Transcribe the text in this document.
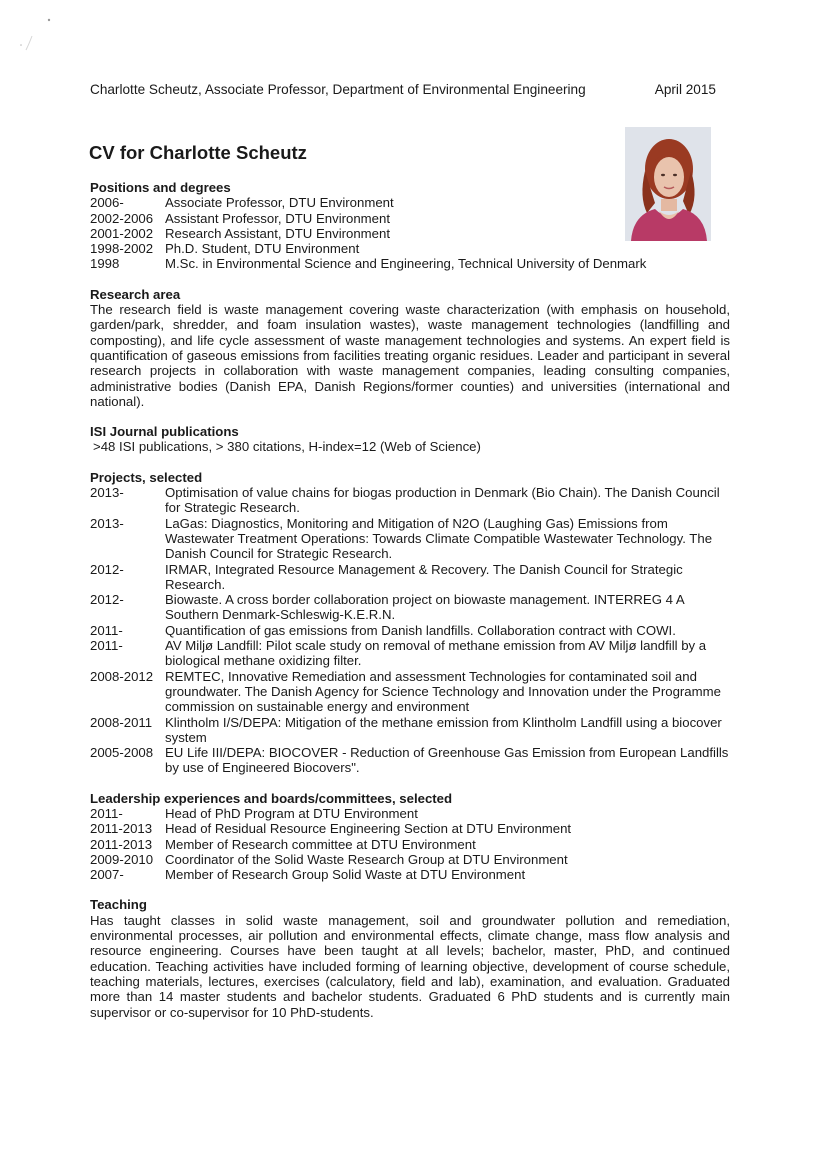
Charlotte Scheutz, Associate Professor, Department of Environmental Engineering	April 2015
CV for Charlotte Scheutz
Positions and degrees
2006-	Associate Professor, DTU Environment
2002-2006 Assistant Professor, DTU Environment
2001-2002 Research Assistant, DTU Environment
1998-2002 Ph.D. Student, DTU Environment
1998	M.Sc. in Environmental Science and Engineering, Technical University of Denmark
Research area

The research field is waste management covering waste characterization (with emphasis on household, garden/park, shredder, and foam insulation wastes), waste management technologies (landfilling and composting), and life cycle assessment of waste management technologies and systems. An expert field is quantification of gaseous emissions from facilities treating organic residues. Leader and participant in several research projects in collaboration with waste management companies, leading consulting companies, administrative bodies (Danish EPA, Danish Regions/former counties) and universities (international and national).

ISI Journal publications

>48 ISI publications, > 380 citations, H-index=12 (Web of Science)

Projects, selected
2013-	Optimisation of value chains for biogas production in Denmark (Bio Chain). The Danish Council for Strategic Research.
2013-	LaGas: Diagnostics, Monitoring and Mitigation of N2O (Laughing Gas) Emissions from Wastewater Treatment Operations: Towards Climate Compatible Wastewater Technology. The Danish Council for Strategic Research.
2012-	IRMAR, Integrated Resource Management & Recovery. The Danish Council for Strategic Research.
2012-	Biowaste. A cross border collaboration project on biowaste management. INTERREG 4 A Southern Denmark-Schleswig-K.E.R.N.
2011-	Quantification of gas emissions from Danish landfills. Collaboration contract with COWI.
2011-	AV Miljø Landfill: Pilot scale study on removal of methane emission from AV Miljø landfill by a biological methane oxidizing filter.
2008-2012 REMTEC, Innovative Remediation and assessment Technologies for contaminated soil and groundwater. The Danish Agency for Science Technology and Innovation under the Programme commission on sustainable energy and environment
2008-2011 Klintholm I/S/DEPA: Mitigation of the methane emission from Klintholm Landfill using a biocover system
2005-2008 EU Life III/DEPA: BIOCOVER - Reduction of Greenhouse Gas Emission from European Landfills by use of Engineered Biocovers".
Leadership experiences and boards/committees, selected
2011-	Head of PhD Program at DTU Environment
2011-2013 Head of Residual Resource Engineering Section at DTU Environment
2011-2013 Member of Research committee at DTU Environment
2009-2010 Coordinator of the Solid Waste Research Group at DTU Environment
2007-	Member of Research Group Solid Waste at DTU Environment
Teaching

Has taught classes in solid waste management, soil and groundwater pollution and remediation, environmental processes, air pollution and environmental effects, climate change, mass flow analysis and resource engineering. Courses have been taught at all levels; bachelor, master, PhD, and continued education. Teaching activities have included forming of learning objective, development of course schedule, teaching materials, lectures, exercises (calculatory, field and lab), examination, and evaluation. Graduated more than 14 master students and bachelor students. Graduated 6 PhD students and is currently main supervisor or co-supervisor for 10 PhD-students.
